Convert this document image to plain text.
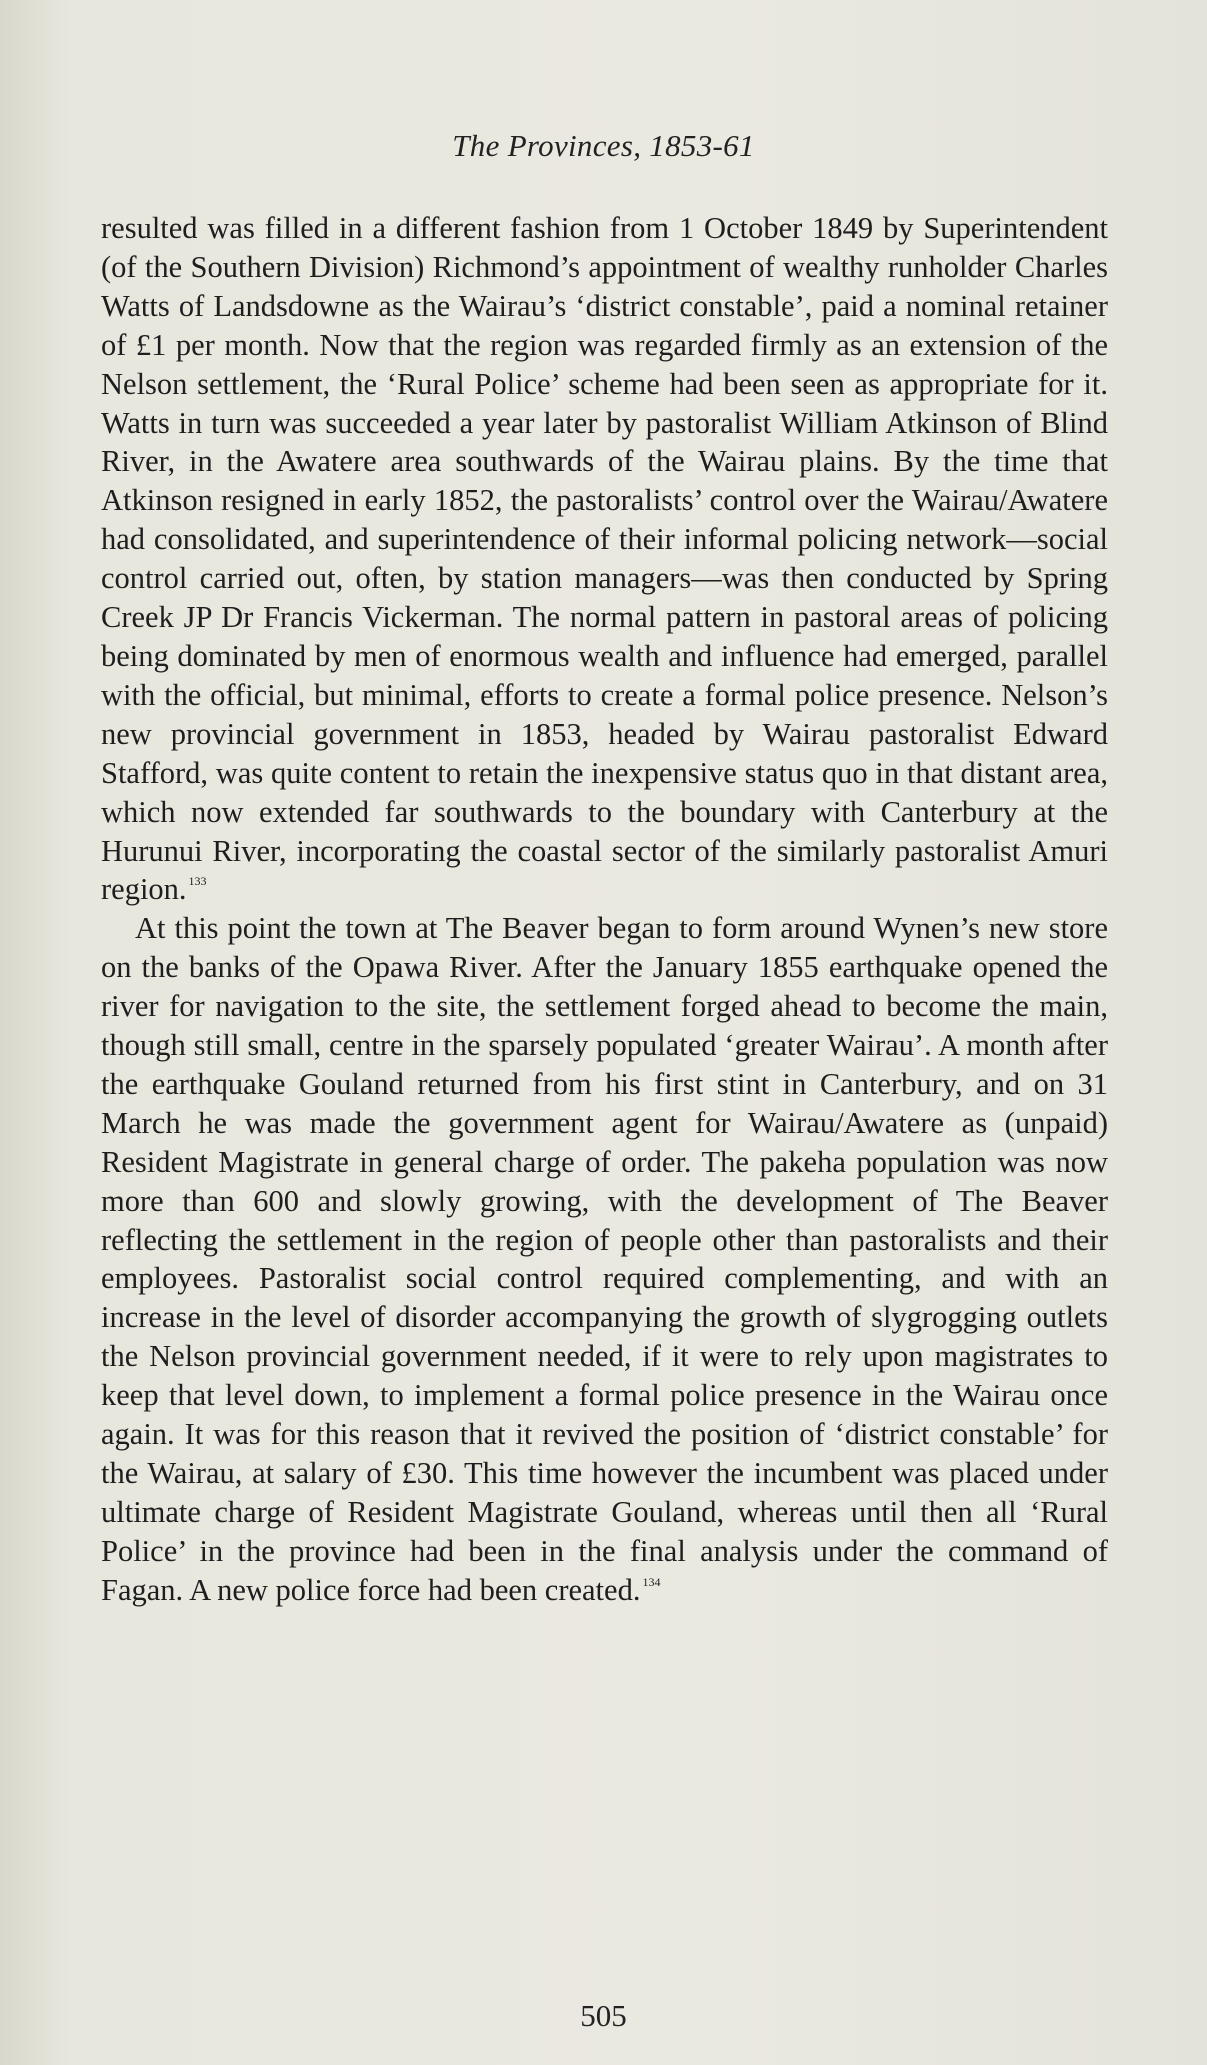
The Provinces, 1853-61

resulted was filled in a different fashion from 1 October 1849 by Superintendent (of the Southern Division) Richmond’s appointment of wealthy runholder Charles Watts of Landsdowne as the Wairau’s ‘district constable’, paid a nominal retainer of £1 per month. Now that the region was regarded firmly as an extension of the Nelson settlement, the ‘Rural Police’ scheme had been seen as appropriate for it. Watts in turn was succeeded a year later by pastoralist William Atkinson of Blind River, in the Awatere area southwards of the Wairau plains. By the time that Atkinson resigned in early 1852, the pastoralists’ control over the Wairau/​Awatere had consolidated, and superintendence of their informal policing network—social control carried out, often, by station managers—was then conducted by Spring Creek JP Dr Francis Vickerman. The normal pattern in pastoral areas of policing being dominated by men of enormous wealth and influence had emerged, parallel with the official, but minimal, efforts to create a formal police presence. Nelson’s new provincial government in 1853, headed by Wairau pastoralist Edward Stafford, was quite content to retain the inexpensive status quo in that distant area, which now extended far southwards to the boundary with Canterbury at the Hurunui River, incorporating the coastal sector of the similarly pastoralist Amuri region. $^{133}$

At this point the town at The Beaver began to form around Wynen’s new store on the banks of the Opawa River. After the January 1855 earthquake opened the river for navigation to the site, the settlement forged ahead to become the main, though still small, centre in the sparsely populated ‘greater Wairau’. A month after the earthquake Gouland returned from his first stint in Canterbury, and on 31 March he was made the government agent for Wairau/Awatere as (unpaid) Resident Magistrate in general charge of order. The pakeha population was now more than 600 and slowly growing, with the development of The Beaver reflecting the settlement in the region of people other than pastoralists and their employees. Pastoralist social control required complementing, and with an increase in the level of disorder accompanying the growth of slygrogging outlets the Nelson provincial government needed, if it were to rely upon magistrates to keep that level down, to implement a formal police presence in the Wairau once again. It was for this reason that it revived the position of ‘district constable’ for the Wairau, at salary of £30. This time however the incumbent was placed under ultimate charge of Resident Magistrate Gouland, whereas until then all ‘Rural Police’ in the province had been in the final analysis under the command of Fagan. A new police force had been created. $^{134}$

505
